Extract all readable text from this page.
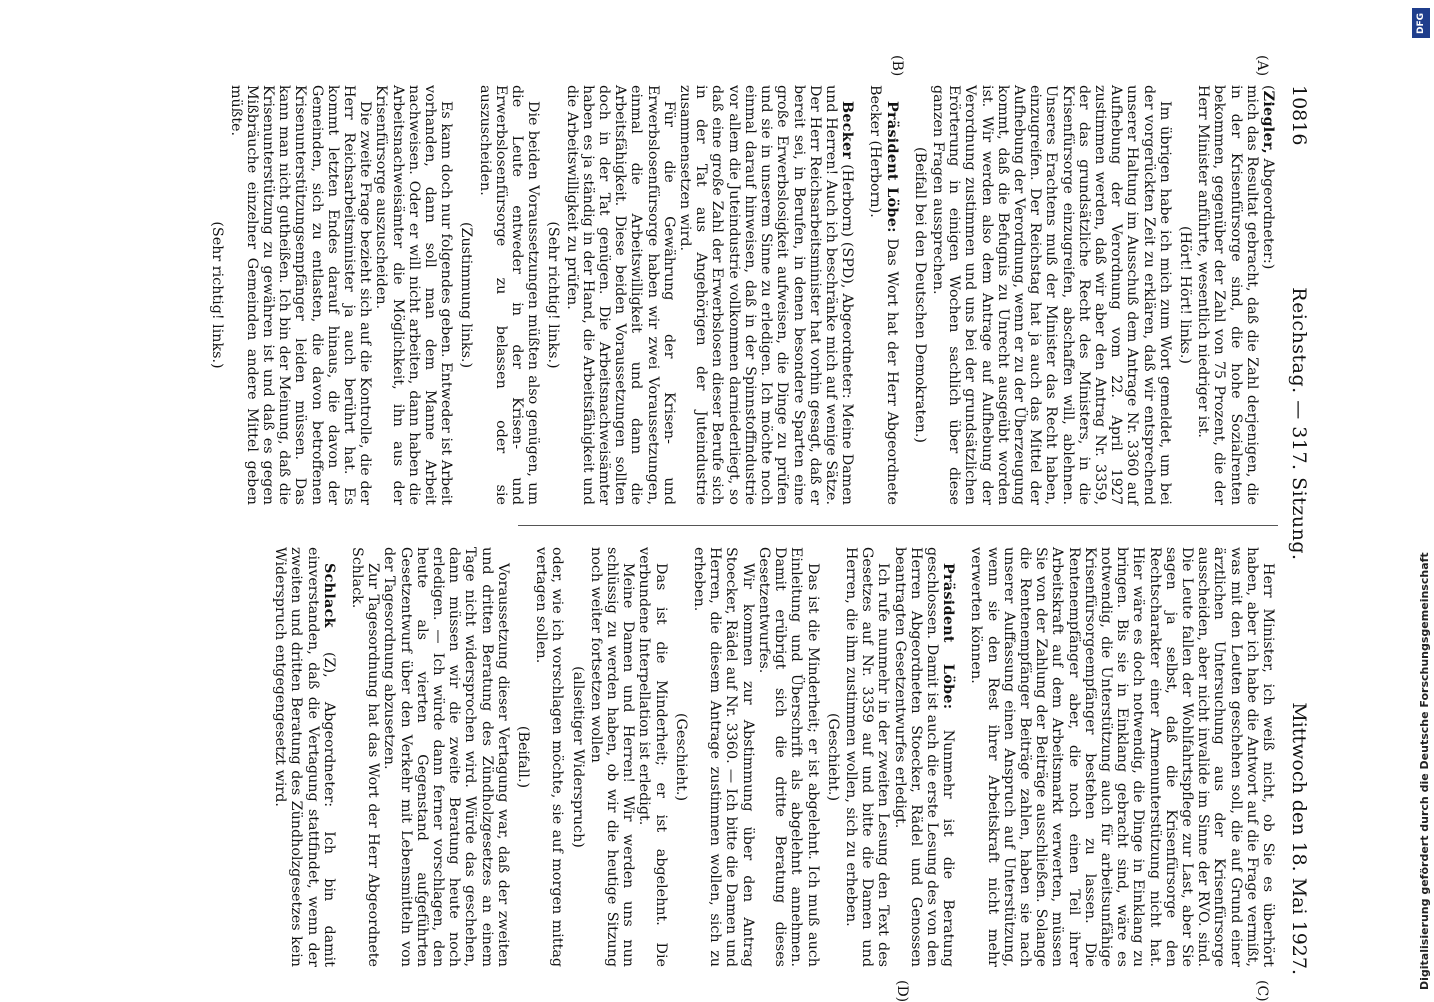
10816
Reichstag. — 317. Sitzung.
Mittwoch den 18. Mai 1927.
(A)
(B)
(C)
(D)

(Ziegler, Abgeordneter:)

mich das Resultat gebracht, daß die Zahl derjenigen, die in der Krisenfürsorge sind, die hohe Sozialrenten bekommen, gegenüber der Zahl von 75 Prozent, die der Herr Minister anführte, wesentlich niedriger ist.

(Hört! Hört! links.)

Im übrigen habe ich mich zum Wort gemeldet, um bei der vorgerückten Zeit zu erklären, daß wir entsprechend unserer Haltung im Ausschuß dem Antrage Nr. 3360 auf Aufhebung der Verordnung vom 22. April 1927 zustimmen werden, daß wir aber den Antrag Nr. 3359, der das grundsätzliche Recht des Ministers, in die Krisenfürsorge einzugreifen, abschaffen will, ablehnen. Unseres Erachtens muß der Minister das Recht haben, einzugreifen. Der Reichstag hat ja auch das Mittel der Aufhebung der Verordnung, wenn er zu der Überzeugung kommt, daß die Befugnis zu Unrecht ausgeübt worden ist. Wir werden also dem Antrage auf Aufhebung der Verordnung zustimmen und uns bei der grundsätzlichen Erörterung in einigen Wochen sachlich über diese ganzen Fragen aussprechen.

(Beifall bei den Deutschen Demokraten.)

Präsident Löbe: Das Wort hat der Herr Abgeordnete Becker (Herborn).

Becker (Herborn) (SPD), Abgeordneter: Meine Damen und Herren! Auch ich beschränke mich auf wenige Sätze. Der Herr Reichsarbeitsminister hat vorhin gesagt, daß er bereit sei, in Berufen, in denen besondere Sparten eine große Erwerbslosigkeit aufweisen, die Dinge zu prüfen und sie in unserem Sinne zu erledigen. Ich möchte noch einmal darauf hinweisen, daß in der Spinnstoffindustrie vor allem die Juteindustrie vollkommen darniederliegt, so daß eine große Zahl der Erwerbslosen dieser Berufe sich in der Tat aus Angehörigen der Juteindustrie zusammensetzen wird.

Für die Gewährung der Krisen- und Erwerbslosenfürsorge haben wir zwei Voraussetzungen, einmal die Arbeitswilligkeit und dann die Arbeitsfähigkeit. Diese beiden Voraussetzungen sollten doch in der Tat genügen. Die Arbeitsnachweisämter haben es ja ständig in der Hand, die Arbeitsfähigkeit und die Arbeitswilligkeit zu prüfen.

(Sehr richtig! links.)

Die beiden Voraussetzungen müßten also genügen, um die Leute entweder in der Krisen- und Erwerbslosenfürsorge zu belassen oder sie auszuscheiden.

(Zustimmung links.)

Es kann doch nur folgendes geben. Entweder ist Arbeit vorhanden, dann soll man dem Manne Arbeit nachweisen. Oder er will nicht arbeiten, dann haben die Arbeitsnachweisämter die Möglichkeit, ihn aus der Krisenfürsorge auszuscheiden.

Die zweite Frage bezieht sich auf die Kontrolle, die der Herr Reichsarbeitsminister ja auch berührt hat. Es kommt letzten Endes darauf hinaus, die davon der Gemeinden, sich zu entlasten, die davon betroffenen Krisenunterstützungsempfänger leiden müssen. Das kann man nicht gutheißen. Ich bin der Meinung, daß die Krisenunterstützung zu gewähren ist und daß es gegen Mißbräuche einzelner Gemeinden andere Mittel geben müßte.

(Sehr richtig! links.)

Herr Minister, ich weiß nicht, ob Sie es überhört haben, aber ich habe die Antwort auf die Frage vermißt, was mit den Leuten geschehen soll, die auf Grund einer ärztlichen Untersuchung aus der Krisenfürsorge ausscheiden, aber nicht invalide im Sinne der RVO. sind. Die Leute fallen der Wohlfahrtspflege zur Last, aber Sie sagen ja selbst, daß die Krisenfürsorge den Rechtscharakter einer Armenunterstützung nicht hat. Hier wäre es doch notwendig, die Dinge in Einklang zu bringen. Bis sie in Einklang gebracht sind, wäre es notwendig, die Unterstützung auch für arbeitsunfähige Krisenfürsorgeempfänger bestehen zu lassen. Die Rentenempfänger aber, die noch einen Teil ihrer Arbeitskraft auf dem Arbeitsmarkt verwerten, müssen Sie von der Zahlung der Beiträge ausschließen. Solange die Rentenempfänger Beiträge zahlen, haben sie nach unserer Auffassung einen Anspruch auf Unterstützung, wenn sie den Rest ihrer Arbeitskraft nicht mehr verwerten können.

Präsident Löbe: Nunmehr ist die Beratung geschlossen. Damit ist auch die erste Lesung des von den Herren Abgeordneten Stoecker, Rädel und Genossen beantragten Gesetzentwurfes erledigt.

Ich rufe nunmehr in der zweiten Lesung den Text des Gesetzes auf Nr. 3359 auf und bitte die Damen und Herren, die ihm zustimmen wollen, sich zu erheben.

(Geschieht.)

Das ist die Minderheit; er ist abgelehnt. Ich muß auch Einleitung und Überschrift als abgelehnt annehmen. Damit erübrigt sich die dritte Beratung dieses Gesetzentwurfes.

Wir kommen zur Abstimmung über den Antrag Stoecker, Rädel auf Nr. 3360. — Ich bitte die Damen und Herren, die diesem Antrage zustimmen wollen, sich zu erheben.

(Geschieht.)

Das ist die Minderheit; er ist abgelehnt. Die verbundene Interpellation ist erledigt.

Meine Damen und Herren! Wir werden uns nun schlüssig zu werden haben, ob wir die heutige Sitzung noch weiter fortsetzen wollen

(allseitiger Widerspruch)

oder, wie ich vorschlagen möchte, sie auf morgen mittag vertagen sollen.

(Beifall.)

Voraussetzung dieser Vertagung war, daß der zweiten und dritten Beratung des Zündholzgesetzes an einem Tage nicht widersprochen wird. Würde das geschehen, dann müssen wir die zweite Beratung heute noch erledigen. — Ich würde dann ferner vorschlagen, den heute als vierten Gegenstand aufgeführten Gesetzentwurf über den Verkehr mit Lebensmitteln von der Tagesordnung abzusetzen.

Zur Tagesordnung hat das Wort der Herr Abgeordnete Schlack.

Schlack (Z), Abgeordneter: Ich bin damit einverstanden, daß die Vertagung stattfindet, wenn der zweiten und dritten Beratung des Zündholzgesetzes kein Widerspruch entgegengesetzt wird.

DFG
Digitalisierung gefördert durch die Deutsche Forschungsgemeinschaft
